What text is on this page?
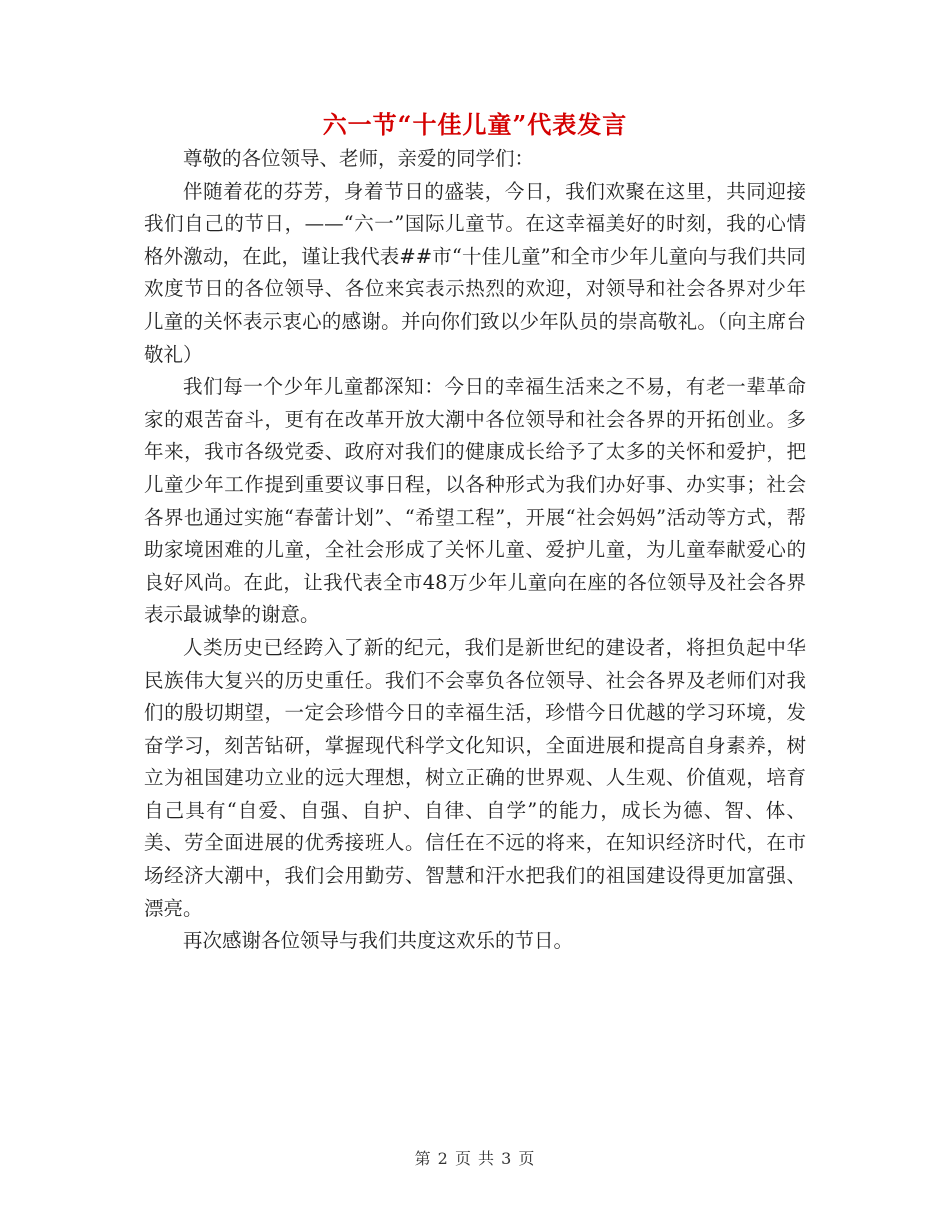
六一节“十佳儿童”代表发言

尊敬的各位领导、老师，亲爱的同学们：

伴随着花的芬芳，身着节日的盛装，今日，我们欢聚在这里，共同迎接我们自己的节日，——“六一”国际儿童节。在这幸福美好的时刻，我的心情格外激动，在此，谨让我代表##市“十佳儿童”和全市少年儿童向与我们共同欢度节日的各位领导、各位来宾表示热烈的欢迎，对领导和社会各界对少年儿童的关怀表示衷心的感谢。并向你们致以少年队员的崇高敬礼。（向主席台敬礼）

我们每一个少年儿童都深知：今日的幸福生活来之不易，有老一辈革命家的艰苦奋斗，更有在改革开放大潮中各位领导和社会各界的开拓创业。多年来，我市各级党委、政府对我们的健康成长给予了太多的关怀和爱护，把儿童少年工作提到重要议事日程，以各种形式为我们办好事、办实事；社会各界也通过实施“春蕾计划”、“希望工程”，开展“社会妈妈”活动等方式，帮助家境困难的儿童，全社会形成了关怀儿童、爱护儿童，为儿童奉献爱心的良好风尚。在此，让我代表全市48万少年儿童向在座的各位领导及社会各界表示最诚挚的谢意。

人类历史已经跨入了新的纪元，我们是新世纪的建设者，将担负起中华民族伟大复兴的历史重任。我们不会辜负各位领导、社会各界及老师们对我们的殷切期望，一定会珍惜今日的幸福生活，珍惜今日优越的学习环境，发奋学习，刻苦钻研，掌握现代科学文化知识，全面进展和提高自身素养，树立为祖国建功立业的远大理想，树立正确的世界观、人生观、价值观，培育自己具有“自爱、自强、自护、自律、自学”的能力，成长为德、智、体、美、劳全面进展的优秀接班人。信任在不远的将来，在知识经济时代，在市场经济大潮中，我们会用勤劳、智慧和汗水把我们的祖国建设得更加富强、漂亮。

再次感谢各位领导与我们共度这欢乐的节日。

第 2 页 共 3 页
